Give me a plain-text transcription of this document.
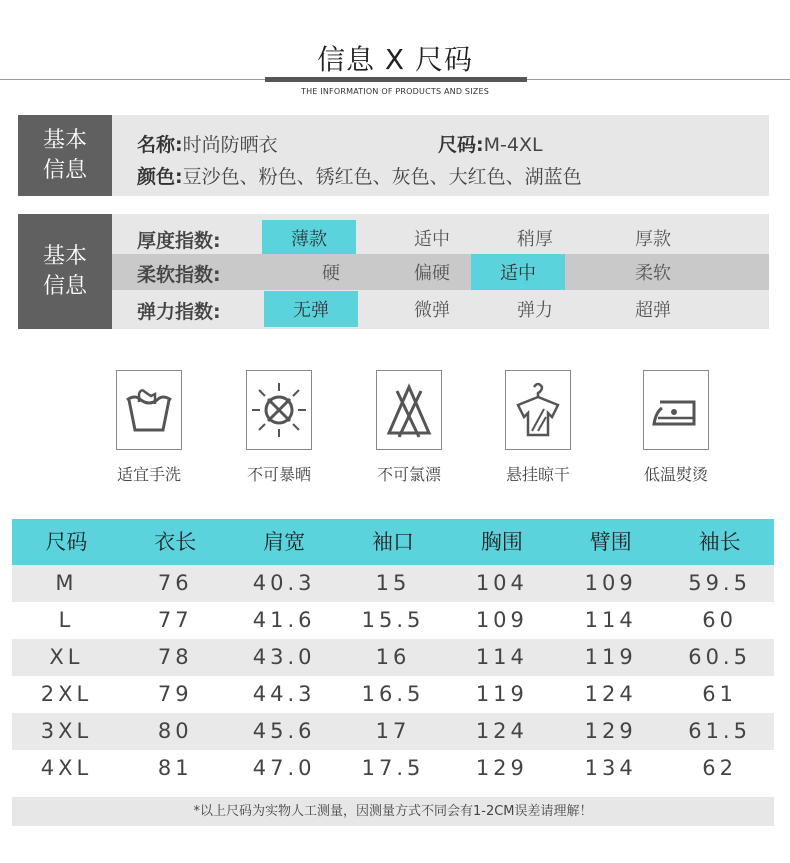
信息 X 尺码
THE INFORMATION OF PRODUCTS AND SIZES
基本
信息
名称:时尚防晒衣	尺码:M-4XL
颜色:豆沙色、粉色、锈红色、灰色、大红色、湖蓝色
基本
信息
厚度指数:	薄款	适中	稍厚	厚款
柔软指数:	硬	偏硬	适中	柔软
弹力指数:	无弹	微弹	弹力	超弹
适宜手洗	不可暴晒	不可氯漂	悬挂晾干	低温熨烫
尺码	衣长	肩宽	袖口	胸围	臂围	袖长
M	76	40.3	15	104	109	59.5
L	77	41.6	15.5	109	114	60
XL	78	43.0	16	114	119	60.5
2XL	79	44.3	16.5	119	124	61
3XL	80	45.6	17	124	129	61.5
4XL	81	47.0	17.5	129	134	62
*以上尺码为实物人工测量，因测量方式不同会有1-2CM误差请理解！
